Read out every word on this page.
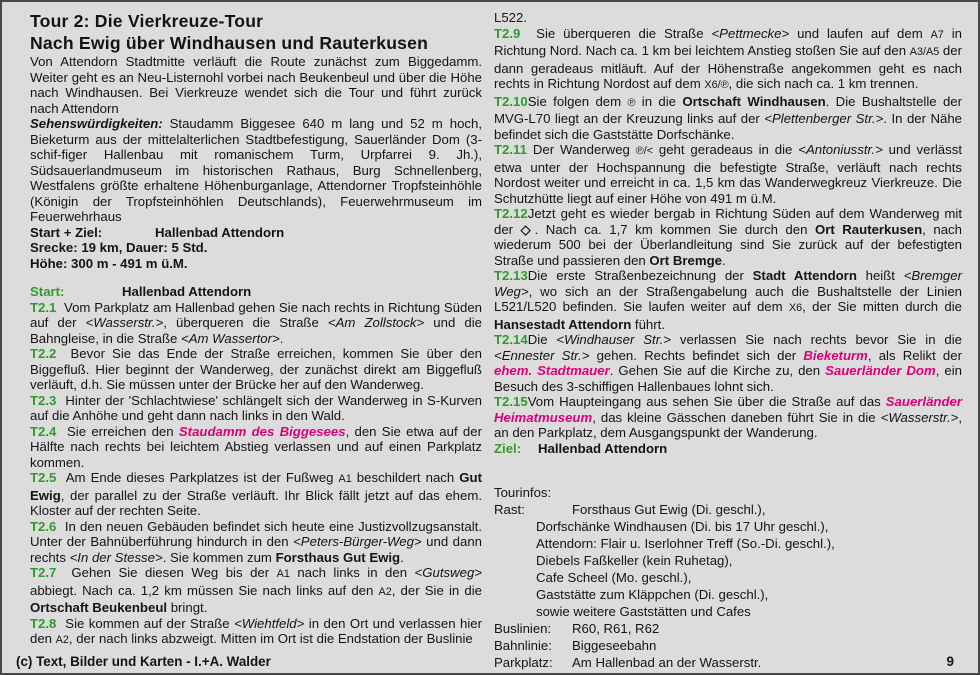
Tour 2: Die Vierkreuze-Tour
Nach Ewig über Windhausen und Rauterkusen

Von Attendorn Stadtmitte verläuft die Route zunächst zum Biggedamm. Weiter geht es an Neu-Listernohl vorbei nach Beukenbeul und über die Höhe nach Windhausen. Bei Vierkreuze wendet sich die Tour und führt zurück nach Attendorn

Sehenswürdigkeiten: Staudamm Biggesee 640 m lang und 52 m hoch, Bieketurm aus der mittelalterlichen Stadtbefestigung, Sauerländer Dom (3-schif-figer Hallenbau mit romanischem Turm, Urpfarrei 9. Jh.), Südsauerlandmuseum im historischen Rathaus, Burg Schnellenberg, Westfalens größte erhaltene Höhenburganlage, Attendorner Tropfsteinhöhle (Königin der Tropfsteinhöhlen Deutschlands), Feuerwehrmuseum im Feuerwehrhaus

Start + Ziel:	Hallenbad Attendorn
Srecke: 19 km, Dauer: 5 Std.
Höhe: 300 m - 491 m ü.M.
Start:	Hallenbad Attendorn

T2.1  Vom Parkplatz am Hallenbad gehen Sie nach rechts in Richtung Süden auf der <Wasserstr.>, überqueren die Straße <Am Zollstock> und die Bahngleise, in die Straße <Am Wassertor>.

T2.2  Bevor Sie das Ende der Straße erreichen, kommen Sie über den Biggefluß. Hier beginnt der Wanderweg, der zunächst direkt am Biggefluß verläuft, d.h. Sie müssen unter der Brücke her auf den Wanderweg.

T2.3  Hinter der 'Schlachtwiese' schlängelt sich der Wanderweg in S-Kurven auf die Anhöhe und geht dann nach links in den Wald.

T2.4  Sie erreichen den Staudamm des Biggesees, den Sie etwa auf der Hälfte nach rechts bei leichtem Abstieg verlassen und auf einen Parkplatz kommen.

T2.5  Am Ende dieses Parkplatzes ist der Fußweg A1 beschildert nach Gut Ewig, der parallel zu der Straße verläuft. Ihr Blick fällt jetzt auf das ehem. Kloster auf der rechten Seite.

T2.6  In den neuen Gebäuden befindet sich heute eine Justizvollzugsanstalt. Unter der Bahnüberführung hindurch in den <Peters-Bürger-Weg> und dann rechts <In der Stesse>. Sie kommen zum Forsthaus Gut Ewig.

T2.7  Gehen Sie diesen Weg bis der A1 nach links in den <Gutsweg> abbiegt. Nach ca. 1,2 km müssen Sie nach links auf den A2, der Sie in die Ortschaft Beukenbeul bringt.

T2.8  Sie kommen auf der Straße <Wiehtfeld> in den Ort und verlassen hier den A2, der nach links abzweigt. Mitten im Ort ist die Endstation der Buslinie

L522.

T2.9  Sie überqueren die Straße <Pettmecke> und laufen auf dem A7 in Richtung Nord. Nach ca. 1 km bei leichtem Anstieg stoßen Sie auf den A3/A5 der dann geradeaus mitläuft. Auf der Höhenstraße angekommen geht es nach rechts in Richtung Nordost auf dem X6/℗, die sich nach ca. 1 km trennen.

T2.10Sie folgen dem ℗ in die Ortschaft Windhausen. Die Bushaltstelle der MVG-L70 liegt an der Kreuzung links auf der <Plettenberger Str.>. In der Nähe befindet sich die Gaststätte Dorfschänke.

T2.11 Der Wanderweg ℗/< geht geradeaus in die <Antoniusstr.> und verlässt etwa unter der Hochspannung die befestigte Straße, verläuft nach rechts Nordost weiter und erreicht in ca. 1,5 km das Wanderwegkreuz Vierkreuze. Die Schutzhütte liegt auf einer Höhe von 491 m ü.M.

T2.12Jetzt geht es wieder bergab in Richtung Süden auf dem Wanderweg mit der ◇. Nach ca. 1,7 km kommen Sie durch den Ort Rauterkusen, nach wiederum 500 bei der Überlandleitung sind Sie zurück auf der befestigten Straße und passieren den Ort Bremge.

T2.13Die erste Straßenbezeichnung der Stadt Attendorn heißt <Bremger Weg>, wo sich an der Straßengabelung auch die Bushaltstelle der Linien L521/L520 befinden. Sie laufen weiter auf dem X6, der Sie mitten durch die Hansestadt Attendorn führt.

T2.14Die <Windhauser Str.> verlassen Sie nach rechts bevor Sie in die <Ennester Str.> gehen. Rechts befindet sich der Bieketurm, als Relikt der ehem. Stadtmauer. Gehen Sie auf die Kirche zu, den Sauerländer Dom, ein Besuch des 3-schiffigen Hallenbaues lohnt sich.

T2.15Vom Haupteingang aus sehen Sie über die Straße auf das Sauerländer Heimatmuseum, das kleine Gässchen daneben führt Sie in die <Wasserstr.>, an den Parkplatz, dem Ausgangspunkt der Wanderung.

Ziel: Hallenbad Attendorn
Tourinfos:
Rast:	Forsthaus Gut Ewig (Di. geschl.),
Dorfschänke Windhausen (Di. bis 17 Uhr geschl.),
Attendorn: Flair u. Iserlohner Treff (So.-Di. geschl.),
Diebels Faßkeller (kein Ruhetag),
Cafe Scheel (Mo. geschl.),
Gaststätte zum Kläppchen (Di. geschl.),
sowie weitere Gaststätten und Cafes
Buslinien: R60, R61, R62
Bahnlinie: Biggeseebahn
Parkplatz: Am Hallenbad an der Wasserstr.
(c) Text, Bilder und Karten - I.+A. Walder	9
